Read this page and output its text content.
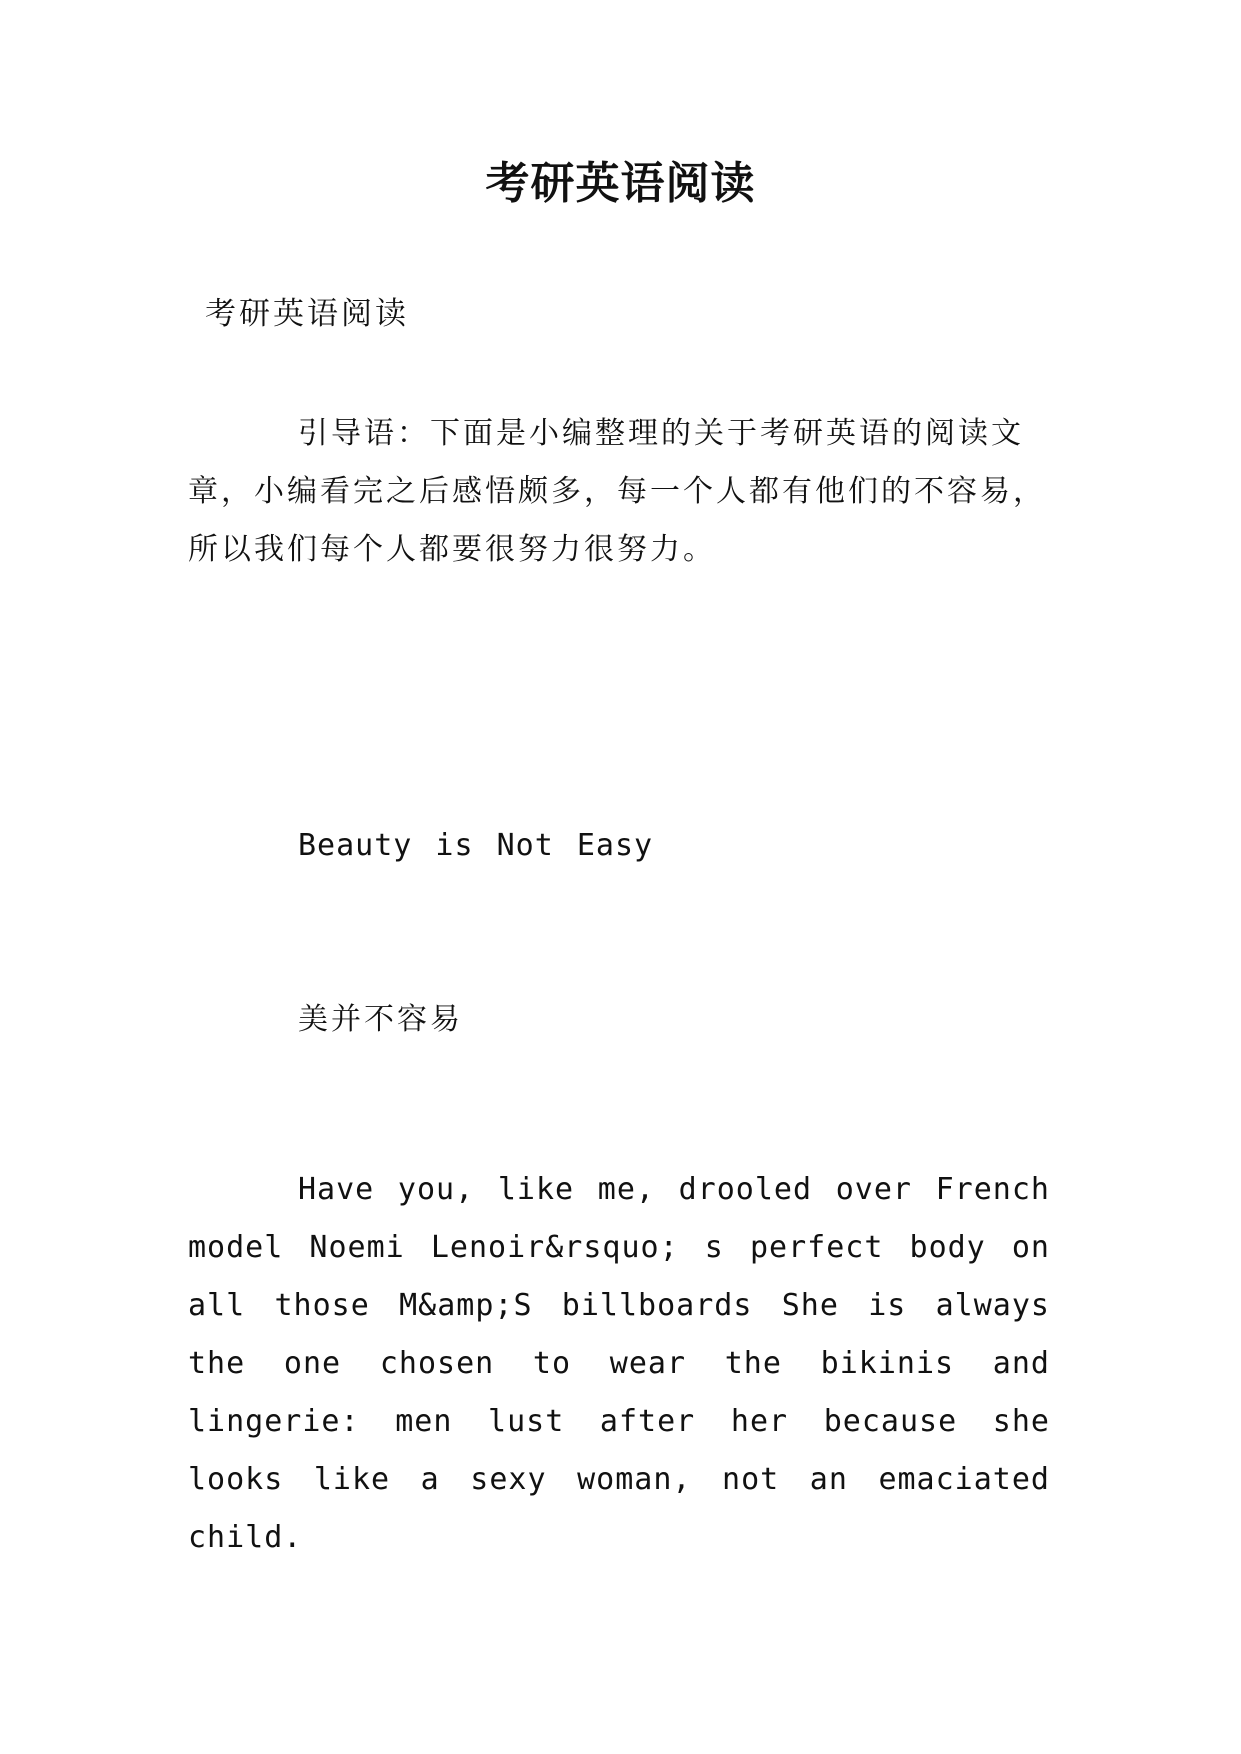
考研英语阅读

考研英语阅读

引导语：下面是小编整理的关于考研英语的阅读文章，小编看完之后感悟颇多，每一个人都有他们的不容易，所以我们每个人都要很努力很努力。

Beauty is Not Easy

美并不容易

Have you, like me, drooled over French model Noemi Lenoir&rsquo; s perfect body on all those M&amp;S billboards She is always the one chosen to wear the bikinis and lingerie: men lust after her because she looks like a sexy woman, not an emaciated child.
